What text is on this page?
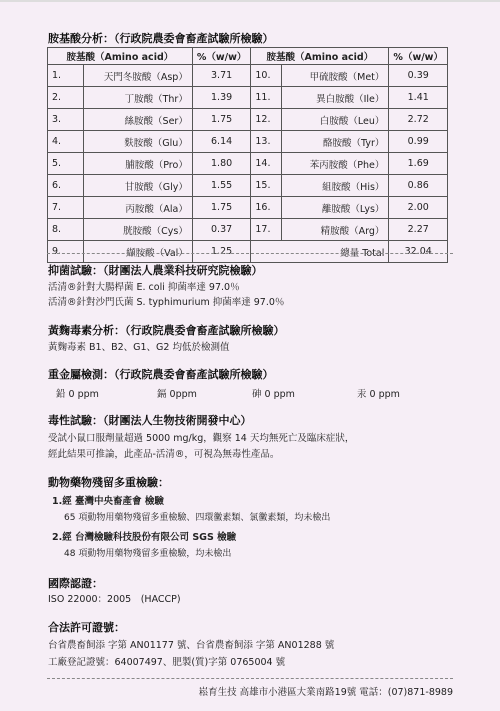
胺基酸分析：（行政院農委會畜產試驗所檢驗）
胺基酸（Amino acid）		%（w/w）	胺基酸（Amino acid）		%（w/w）
1.	天門冬胺酸（Asp）	3.71	10.	甲硫胺酸（Met）	0.39
2.	丁胺酸（Thr）	1.39	11.	異白胺酸（Ile）	1.41
3.	絲胺酸（Ser）	1.75	12.	白胺酸（Leu）	2.72
4.	麩胺酸（Glu）	6.14	13.	酪胺酸（Tyr）	0.99
5.	脯胺酸（Pro）	1.80	14.	苯丙胺酸（Phe）	1.69
6.	甘胺酸（Gly）	1.55	15.	組胺酸（His）	0.86
7.	丙胺酸（Ala）	1.75	16.	離胺酸（Lys）	2.00
8.	胱胺酸（Cys）	0.37	17.	精胺酸（Arg）	2.27
9.	纈胺酸（Val）	1.25	總量 Total		32.04
抑菌試驗：（財團法人農業科技研究院檢驗）
活清®針對大腸桿菌 E. coli 抑菌率達 97.0％
活清®針對沙門氏菌 S. typhimurium 抑菌率達 97.0％
黃麴毒素分析：（行政院農委會畜產試驗所檢驗）
黃麴毒素 B1、B2、G1、G2 均低於檢測值
重金屬檢測：（行政院農委會畜產試驗所檢驗）
鉛 0 ppm	鎘 0ppm	砷 0 ppm	汞 0 ppm
毒性試驗：（財團法人生物技術開發中心）
受試小鼠口服劑量超過 5000 mg/kg，觀察 14 天均無死亡及臨床症狀，
經此結果可推論，此產品-活清®，可視為無毒性產品。
動物藥物殘留多重檢驗：
1.經 臺灣中央畜產會 檢驗
65 項動物用藥物殘留多重檢驗、四環黴素類、氯黴素類，均未檢出
2.經 台灣檢驗科技股份有限公司 SGS 檢驗
48 項動物用藥物殘留多重檢驗，均未檢出
國際認證：
ISO 22000：2005　(HACCP)
合法許可證號：
台省農畜飼添 字第 AN01177 號、台省農畜飼添 字第 AN01288 號
工廠登記證號：64007497、肥製(質)字第 0765004 號
崧育生技 高雄市小港區大業南路19號 電話：(07)871-8989
